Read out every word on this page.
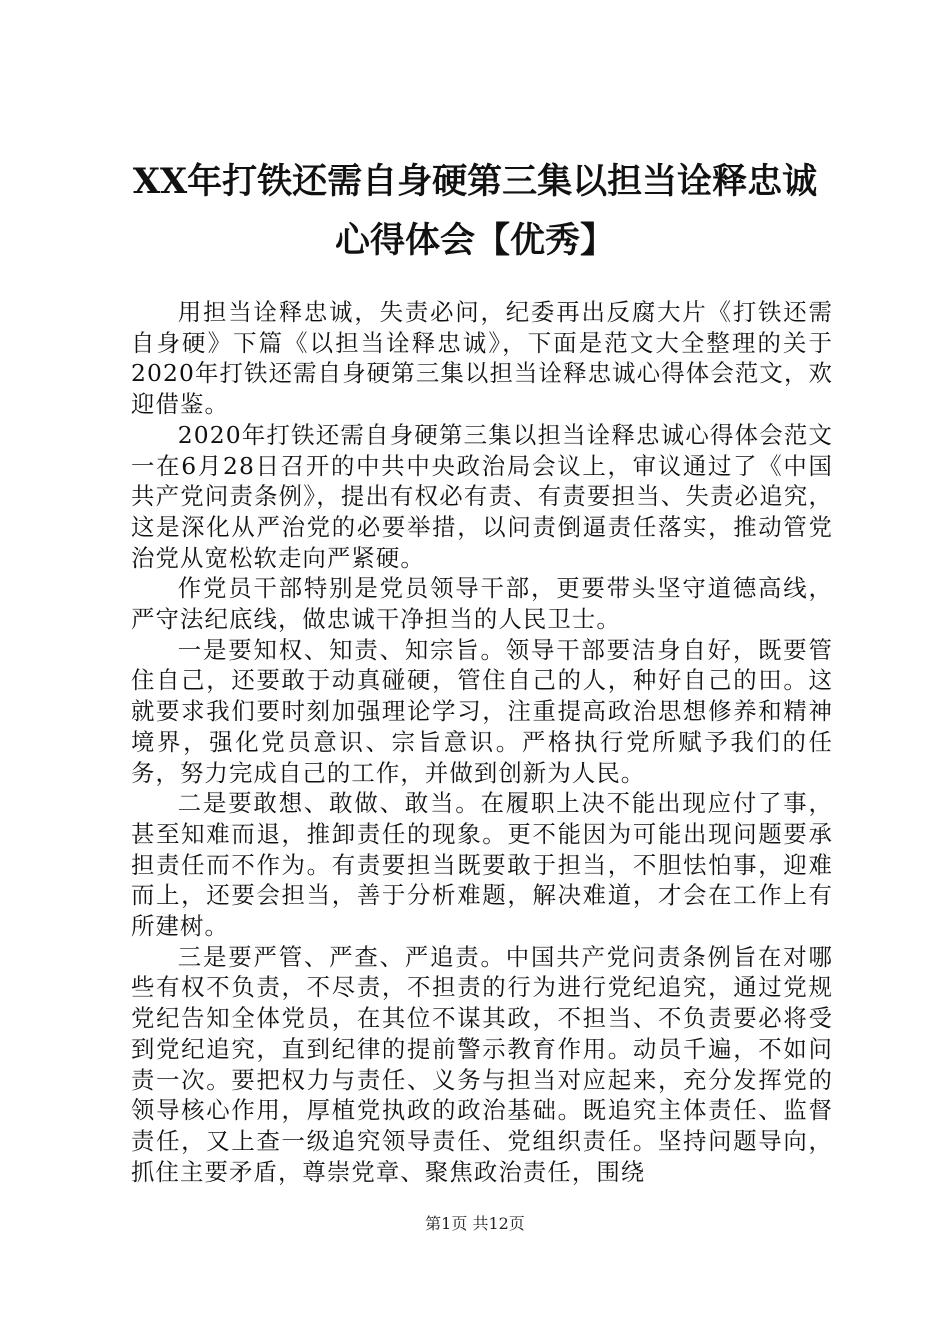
XX年打铁还需自身硬第三集以担当诠释忠诚
心得体会【优秀】

用担当诠释忠诚，失责必问，纪委再出反腐大片《打铁还需自身硬》下篇《以担当诠释忠诚》，下面是范文大全整理的关于2020年打铁还需自身硬第三集以担当诠释忠诚心得体会范文，欢迎借鉴。

2020年打铁还需自身硬第三集以担当诠释忠诚心得体会范文一在6月28日召开的中共中央政治局会议上，审议通过了《中国共产党问责条例》，提出有权必有责、有责要担当、失责必追究，这是深化从严治党的必要举措，以问责倒逼责任落实，推动管党治党从宽松软走向严紧硬。

作党员干部特别是党员领导干部，更要带头坚守道德高线，严守法纪底线，做忠诚干净担当的人民卫士。

一是要知权、知责、知宗旨。领导干部要洁身自好，既要管住自己，还要敢于动真碰硬，管住自己的人，种好自己的田。这就要求我们要时刻加强理论学习，注重提高政治思想修养和精神境界，强化党员意识、宗旨意识。严格执行党所赋予我们的任务，努力完成自己的工作，并做到创新为人民。

二是要敢想、敢做、敢当。在履职上决不能出现应付了事，甚至知难而退，推卸责任的现象。更不能因为可能出现问题要承担责任而不作为。有责要担当既要敢于担当，不胆怯怕事，迎难而上，还要会担当，善于分析难题，解决难道，才会在工作上有所建树。

三是要严管、严查、严追责。中国共产党问责条例旨在对哪些有权不负责，不尽责，不担责的行为进行党纪追究，通过党规党纪告知全体党员，在其位不谋其政，不担当、不负责要必将受到党纪追究，直到纪律的提前警示教育作用。动员千遍，不如问责一次。要把权力与责任、义务与担当对应起来，充分发挥党的领导核心作用，厚植党执政的政治基础。既追究主体责任、监督责任，又上查一级追究领导责任、党组织责任。坚持问题导向，抓住主要矛盾，尊崇党章、聚焦政治责任，围绕

第1页 共12页
